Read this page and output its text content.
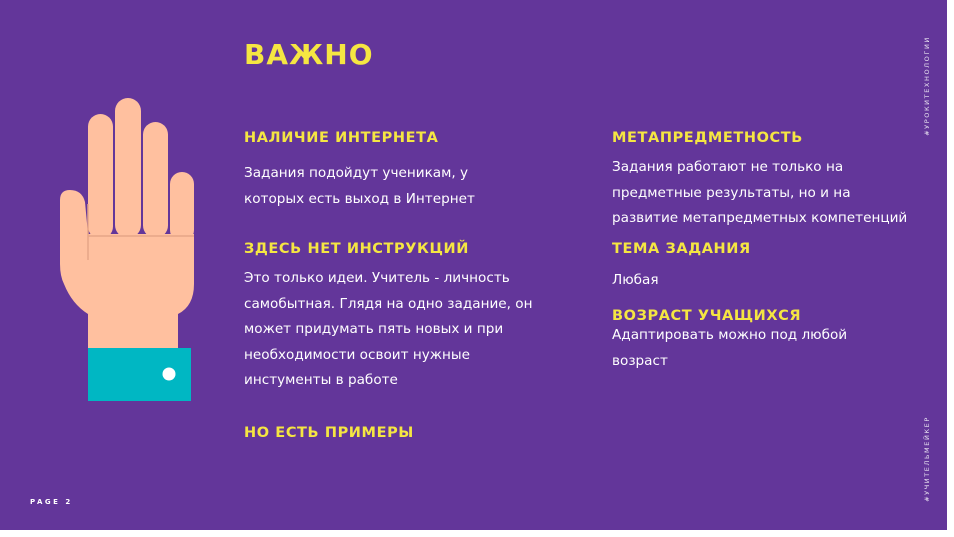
ВАЖНО
НАЛИЧИЕ ИНТЕРНЕТА
Задания подойдут ученикам, у
которых есть выход в Интернет
ЗДЕСЬ НЕТ ИНСТРУКЦИЙ
Это только идеи. Учитель - личность
самобытная. Глядя на одно задание, он
может придумать пять новых и при
необходимости освоит нужные
инстументы в работе
НО ЕСТЬ ПРИМЕРЫ
МЕТАПРЕДМЕТНОСТЬ
Задания работают не только на
предметные результаты, но и на
развитие метапредметных компетенций
ТЕМА ЗАДАНИЯ
Любая
ВОЗРАСТ УЧАЩИХСЯ
Адаптировать можно под любой
возраст
#УРОКИТЕХНОЛОГИИ
#УЧИТЕЛЬМЕЙКЕР
PAGE 2
